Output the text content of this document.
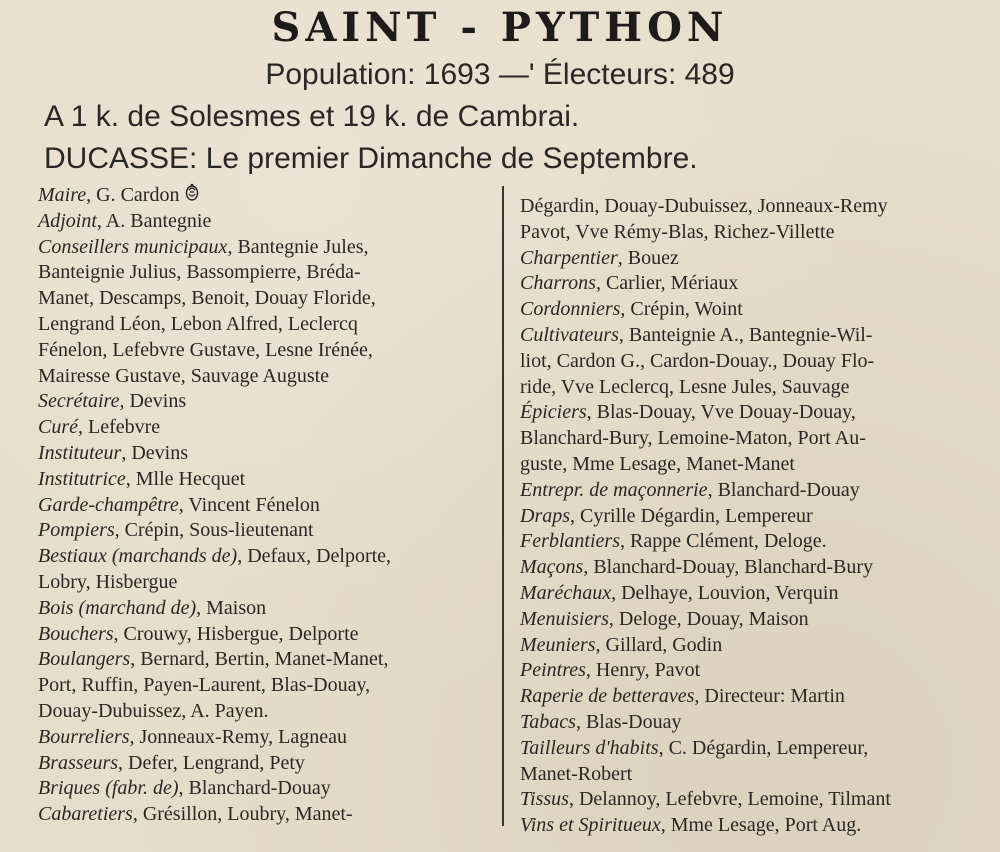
SAINT - PYTHON
Population: 1693 —' Électeurs: 489
A 1 k. de Solesmes et 19 k. de Cambrai.
DUCASSE: Le premier Dimanche de Septembre.
Maire , G. Cardon
Adjoint , A. Bantegnie
Conseillers municipaux , Bantegnie Jules,
Banteignie Julius, Bassompierre, Bréda-
Manet, Descamps, Benoit, Douay Floride,
Lengrand Léon, Lebon Alfred, Leclercq
Fénelon, Lefebvre Gustave, Lesne Irénée,
Mairesse Gustave, Sauvage Auguste
Secrétaire , Devins
Curé , Lefebvre
Instituteur , Devins
Institutrice , Mlle Hecquet
Garde-champêtre , Vincent Fénelon
Pompiers , Crépin, Sous-lieutenant
Bestiaux (marchands de) , Defaux, Delporte,
Lobry, Hisbergue
Bois (marchand de) , Maison
Bouchers , Crouwy, Hisbergue, Delporte
Boulangers , Bernard, Bertin, Manet-Manet,
Port, Ruffin, Payen-Laurent, Blas-Douay,
Douay-Dubuissez, A. Payen.
Bourreliers , Jonneaux-Remy, Lagneau
Brasseurs , Defer, Lengrand, Pety
Briques (fabr. de) , Blanchard-Douay
Cabaretiers , Grésillon, Loubry, Manet-
Dégardin, Douay-Dubuissez, Jonneaux-Remy
Pavot, Vve Rémy-Blas, Richez-Villette
Charpentier , Bouez
Charrons , Carlier, Mériaux
Cordonniers , Crépin, Woint
Cultivateurs , Banteignie A., Bantegnie-Wil-
liot, Cardon G., Cardon-Douay., Douay Flo-
ride, Vve Leclercq, Lesne Jules, Sauvage
Épiciers , Blas-Douay, Vve Douay-Douay,
Blanchard-Bury, Lemoine-Maton, Port Au-
guste, Mme Lesage, Manet-Manet
Entrepr. de maçonnerie , Blanchard-Douay
Draps , Cyrille Dégardin, Lempereur
Ferblantiers , Rappe Clément, Deloge.
Maçons , Blanchard-Douay, Blanchard-Bury
Maréchaux , Delhaye, Louvion, Verquin
Menuisiers , Deloge, Douay, Maison
Meuniers , Gillard, Godin
Peintres , Henry, Pavot
Raperie de betteraves , Directeur: Martin
Tabacs , Blas-Douay
Tailleurs d'habits , C. Dégardin, Lempereur,
Manet-Robert
Tissus , Delannoy, Lefebvre, Lemoine, Tilmant
Vins et Spiritueux , Mme Lesage, Port Aug.
